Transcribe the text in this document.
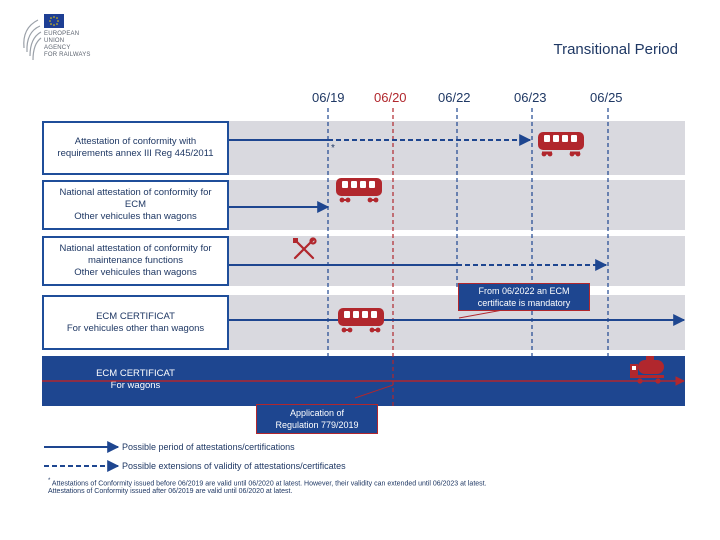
EUROPEAN
UNION
AGENCY
FOR RAILWAYS	Transitional Period
06/19 06/20 06/22	06/23	06/25
Attestation of conformity with
requirements annex III Reg 445/2011
National attestation of conformity for
ECM
Other vehicules than wagons
National attestation of conformity for
maintenance functions
Other vehicules than wagons
ECM CERTIFICAT
For vehicules other than wagons
ECM CERTIFICAT
For wagons
*
From 06/2022 an ECM
certificate is mandatory
Application of
Regulation 779/2019
Possible period of attestations/certifications
Possible extensions of validity of attestations/certificates
* Attestations of Conformity issued before 06/2019 are valid until 06/2020 at latest. However, their validity can extended until 06/2023 at latest.
Attestations of Conformity issued after 06/2019 are valid until 06/2020 at latest.
